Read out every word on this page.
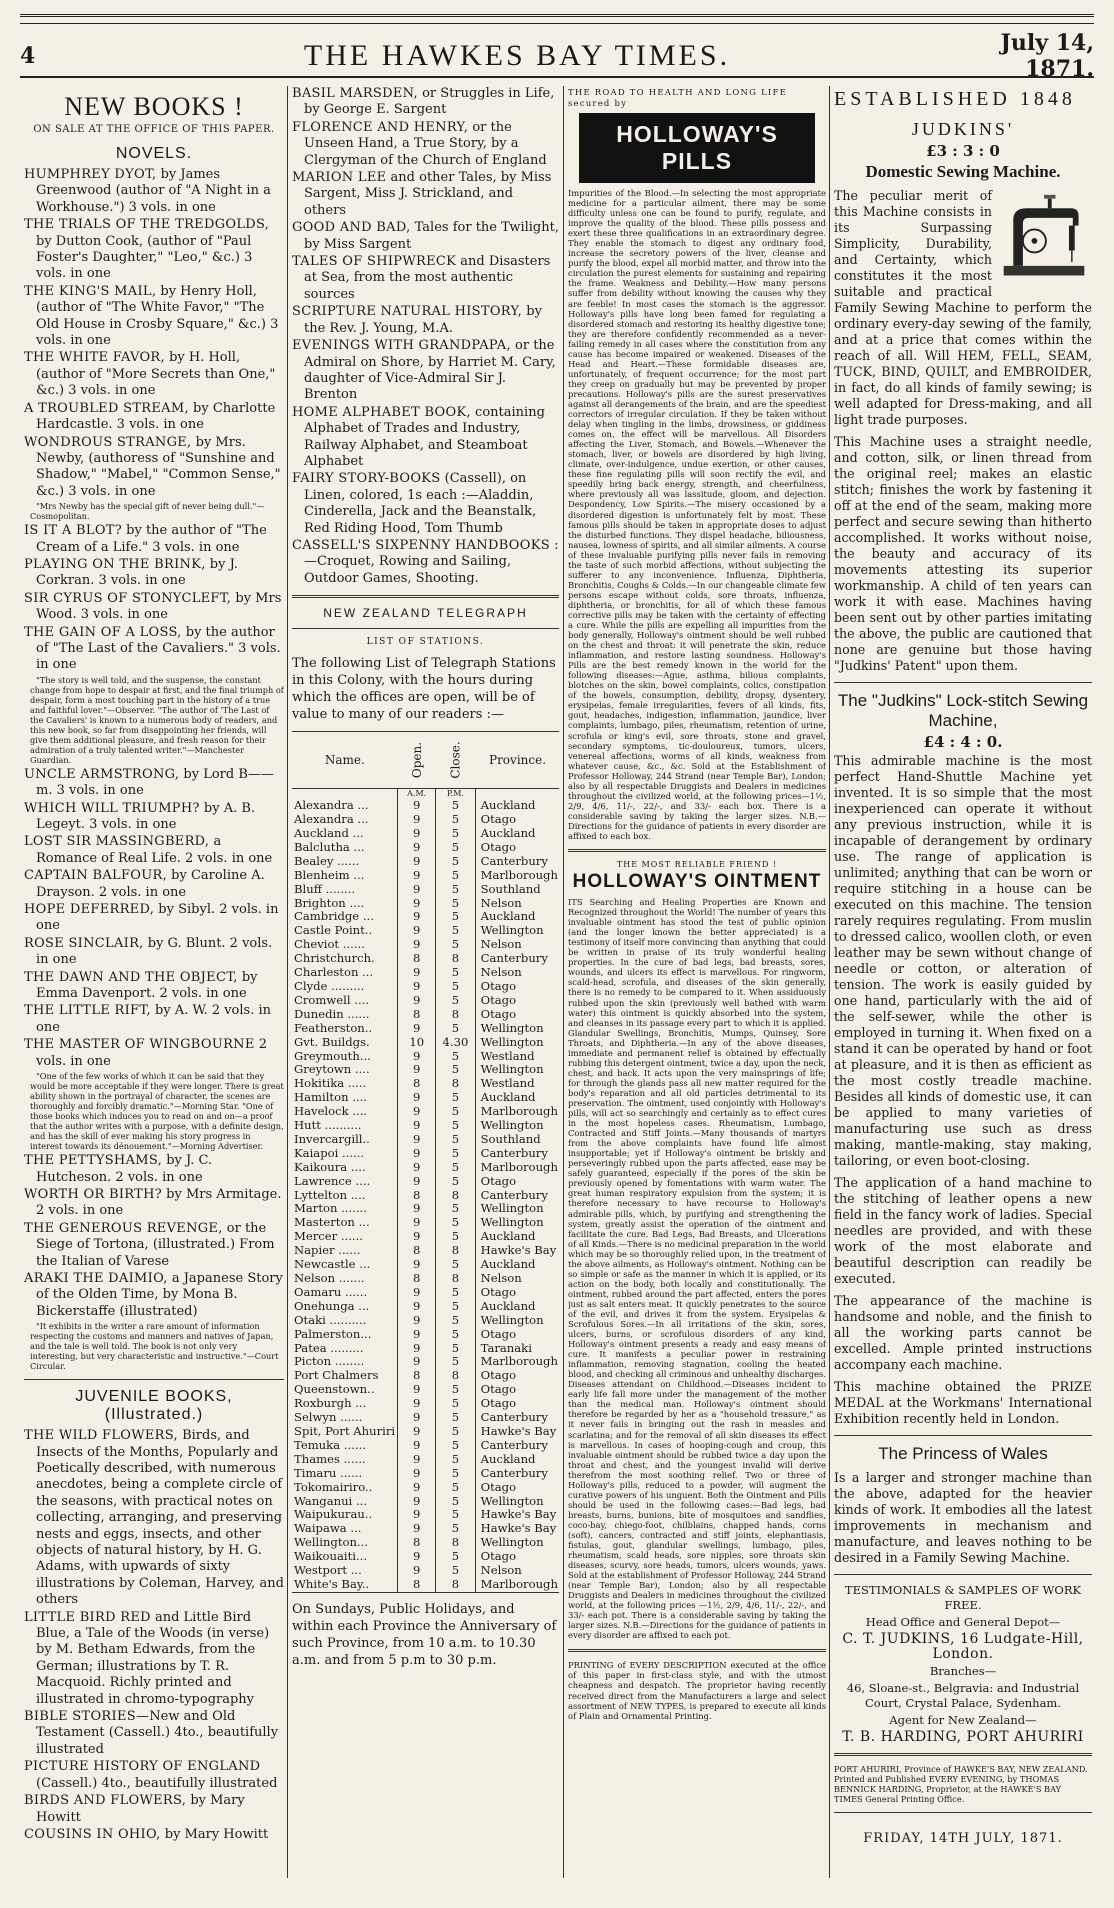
4	THE HAWKES BAY TIMES.	July 14, 1871.
NEW BOOKS !
ON SALE AT THE OFFICE OF THIS PAPER.
NOVELS.

HUMPHREY DYOT, by James Greenwood (author of "A Night in a Workhouse.") 3 vols. in one

THE TRIALS OF THE TREDGOLDS, by Dutton Cook, (author of "Paul Foster's Daughter," "Leo," &c.) 3 vols. in one

THE KING'S MAIL, by Henry Holl, (author of "The White Favor," "The Old House in Crosby Square," &c.) 3 vols. in one

THE WHITE FAVOR, by H. Holl, (author of "More Secrets than One," &c.) 3 vols. in one

A TROUBLED STREAM, by Charlotte Hardcastle. 3 vols. in one

WONDROUS STRANGE, by Mrs. Newby, (authoress of "Sunshine and Shadow," "Mabel," "Common Sense," &c.) 3 vols. in one

"Mrs Newby has the special gift of never being dull."—Cosmopolitan.

IS IT A BLOT? by the author of "The Cream of a Life." 3 vols. in one

PLAYING ON THE BRINK, by J. Corkran. 3 vols. in one

SIR CYRUS OF STONYCLEFT, by Mrs Wood. 3 vols. in one

THE GAIN OF A LOSS, by the author of "The Last of the Cavaliers." 3 vols. in one

"The story is well told, and the suspense, the constant change from hope to despair at first, and the final triumph of despair, form a most touching part in the history of a true and faithful lover."—Observer. "The author of 'The Last of the Cavaliers' is known to a numerous body of readers, and this new book, so far from disappointing her friends, will give them additional pleasure, and fresh reason for their admiration of a truly talented writer."—Manchester Guardian.

UNCLE ARMSTRONG, by Lord B——m. 3 vols. in one

WHICH WILL TRIUMPH? by A. B. Legeyt. 3 vols. in one

LOST SIR MASSINGBERD, a Romance of Real Life. 2 vols. in one

CAPTAIN BALFOUR, by Caroline A. Drayson. 2 vols. in one

HOPE DEFERRED, by Sibyl. 2 vols. in one

ROSE SINCLAIR, by G. Blunt. 2 vols. in one

THE DAWN AND THE OBJECT, by Emma Davenport. 2 vols. in one

THE LITTLE RIFT, by A. W. 2 vols. in one

THE MASTER OF WINGBOURNE 2 vols. in one

"One of the few works of which it can be said that they would be more acceptable if they were longer. There is great ability shown in the portrayal of character, the scenes are thoroughly and forcibly dramatic."—Morning Star. "One of those books which induces you to read on and on—a proof that the author writes with a purpose, with a definite design, and has the skill of ever making his story progress in interest towards its dénouement."—Morning Advertiser.

THE PETTYSHAMS, by J. C. Hutcheson. 2 vols. in one

WORTH OR BIRTH? by Mrs Armitage. 2 vols. in one

THE GENEROUS REVENGE, or the Siege of Tortona, (illustrated.) From the Italian of Varese

ARAKI THE DAIMIO, a Japanese Story of the Olden Time, by Mona B. Bickerstaffe (illustrated)

"It exhibits in the writer a rare amount of information respecting the customs and manners and natives of Japan, and the tale is well told. The book is not only very interesting, but very characteristic and instructive."—Court Circular.
JUVENILE BOOKS, (Illustrated.)

THE WILD FLOWERS, Birds, and Insects of the Months, Popularly and Poetically described, with numerous anecdotes, being a complete circle of the seasons, with practical notes on collecting, arranging, and preserving nests and eggs, insects, and other objects of natural history, by H. G. Adams, with upwards of sixty illustrations by Coleman, Harvey, and others

LITTLE BIRD RED and Little Bird Blue, a Tale of the Woods (in verse) by M. Betham Edwards, from the German; illustrations by T. R. Macquoid. Richly printed and illustrated in chromo-typography

BIBLE STORIES—New and Old Testament (Cassell.) 4to., beautifully illustrated

PICTURE HISTORY OF ENGLAND (Cassell.) 4to., beautifully illustrated

BIRDS AND FLOWERS, by Mary Howitt

COUSINS IN OHIO, by Mary Howitt

BASIL MARSDEN, or Struggles in Life, by George E. Sargent

FLORENCE AND HENRY, or the Unseen Hand, a True Story, by a Clergyman of the Church of England

MARION LEE and other Tales, by Miss Sargent, Miss J. Strickland, and others

GOOD AND BAD, Tales for the Twilight, by Miss Sargent

TALES OF SHIPWRECK and Disasters at Sea, from the most authentic sources

SCRIPTURE NATURAL HISTORY, by the Rev. J. Young, M.A.

EVENINGS WITH GRANDPAPA, or the Admiral on Shore, by Harriet M. Cary, daughter of Vice-Admiral Sir J. Brenton

HOME ALPHABET BOOK, containing Alphabet of Trades and Industry, Railway Alphabet, and Steamboat Alphabet

FAIRY STORY-BOOKS (Cassell), on Linen, colored, 1s each :—Aladdin, Cinderella, Jack and the Beanstalk, Red Riding Hood, Tom Thumb

CASSELL'S SIXPENNY HANDBOOKS :—Croquet, Rowing and Sailing, Outdoor Games, Shooting.

NEW ZEALAND TELEGRAPH
LIST OF STATIONS.
The following List of Telegraph Stations in this Colony, with the hours during which the offices are open, will be of value to many of our readers :—
Name.	Open.	Close.	Province.
	A.M.	P.M.	
Alexandra ...	9	5	Auckland
Alexandra ...	9	5	Otago
Auckland ...	9	5	Auckland
Balclutha ...	9	5	Otago
Bealey ......	9	5	Canterbury
Blenheim ...	9	5	Marlborough
Bluff ........	9	5	Southland
Brighton ....	9	5	Nelson
Cambridge ...	9	5	Auckland
Castle Point..	9	5	Wellington
Cheviot ......	9	5	Nelson
Christchurch.	8	8	Canterbury
Charleston ...	9	5	Nelson
Clyde .........	9	5	Otago
Cromwell ....	9	5	Otago
Dunedin ......	8	8	Otago
Featherston..	9	5	Wellington
Gvt. Buildgs.	10	4.30	Wellington
Greymouth...	9	5	Westland
Greytown ....	9	5	Wellington
Hokitika .....	8	8	Westland
Hamilton ....	9	5	Auckland
Havelock ....	9	5	Marlborough
Hutt ..........	9	5	Wellington
Invercargill..	9	5	Southland
Kaiapoi ......	9	5	Canterbury
Kaikoura ....	9	5	Marlborough
Lawrence ....	9	5	Otago
Lyttelton ....	8	8	Canterbury
Marton .......	9	5	Wellington
Masterton ...	9	5	Wellington
Mercer ......	9	5	Auckland
Napier ......	8	8	Hawke's Bay
Newcastle ...	9	5	Auckland
Nelson .......	8	8	Nelson
Oamaru ......	9	5	Otago
Onehunga ...	9	5	Auckland
Otaki ..........	9	5	Wellington
Palmerston...	9	5	Otago
Patea .........	9	5	Taranaki
Picton ........	9	5	Marlborough
Port Chalmers	8	8	Otago
Queenstown..	9	5	Otago
Roxburgh ...	9	5	Otago
Selwyn ......	9	5	Canterbury
Spit, Port Ahuriri	9	5	Hawke's Bay
Temuka ......	9	5	Canterbury
Thames ......	9	5	Auckland
Timaru ......	9	5	Canterbury
Tokomairiro..	9	5	Otago
Wanganui ...	9	5	Wellington
Waipukurau..	9	5	Hawke's Bay
Waipawa ...	9	5	Hawke's Bay
Wellington...	8	8	Wellington
Waikouaiti...	9	5	Otago
Westport ...	9	5	Nelson
White's Bay..	8	8	Marlborough
On Sundays, Public Holidays, and within each Province the Anniversary of such Province, from 10 a.m. to 10.30 a.m. and from 5 p.m to 30 p.m.
THE ROAD TO HEALTH AND LONG LIFE secured by
HOLLOWAY'S PILLS

Impurities of the Blood.—In selecting the most appropriate medicine for a particular ailment, there may be some difficulty unless one can be found to purify, regulate, and improve the quality of the blood. These pills possess and exert these three qualifications in an extraordinary degree. They enable the stomach to digest any ordinary food, increase the secretory powers of the liver, cleanse and purify the blood, expel all morbid matter, and throw into the circulation the purest elements for sustaining and repairing the frame. Weakness and Debility.—How many persons suffer from debility without knowing the causes why they are feeble! In most cases the stomach is the aggressor. Holloway's pills have long been famed for regulating a disordered stomach and restoring its healthy digestive tone; they are therefore confidently recommended as a never-failing remedy in all cases where the constitution from any cause has become impaired or weakened. Diseases of the Head and Heart.—These formidable diseases are, unfortunately, of frequent occurrence; for the most part they creep on gradually but may be prevented by proper precautions. Holloway's pills are the surest preservatives against all derangements of the brain, and are the speediest correctors of irregular circulation. If they be taken without delay when tingling in the limbs, drowsiness, or giddiness comes on, the effect will be marvellous. All Disorders affecting the Liver, Stomach, and Bowels.—Whenever the stomach, liver, or bowels are disordered by high living, climate, over-indulgence, undue exertion, or other causes, these fine regulating pills will soon rectify the evil, and speedily bring back energy, strength, and cheerfulness, where previously all was lassitude, gloom, and dejection. Despondency, Low Spirits.—The misery occasioned by a disordered digestion is unfortunately felt by most. These famous pills should be taken in appropriate doses to adjust the disturbed functions. They dispel headache, biliousness, nausea, lowness of spirits, and all similar ailments. A course of these invaluable purifying pills never fails in removing the taste of such morbid affections, without subjecting the sufferer to any inconvenience. Influenza, Diphtheria, Bronchitis, Coughs & Colds.—In our changeable climate few persons escape without colds, sore throats, influenza, diphtheria, or bronchitis, for all of which these famous corrective pills may be taken with the certainty of effecting a cure. While the pills are expelling all impurities from the body generally, Holloway's ointment should be well rubbed on the chest and throat: it will penetrate the skin, reduce inflammation, and restore lasting soundness. Holloway's Pills are the best remedy known in the world for the following diseases:—Ague, asthma, bilious complaints, blotches on the skin, bowel complaints, colics, constipation of the bowels, consumption, debility, dropsy, dysentery, erysipelas, female irregularities, fevers of all kinds, fits, gout, headaches, indigestion, inflammation, jaundice, liver complaints, lumbago, piles, rheumatism, retention of urine, scrofula or king's evil, sore throats, stone and gravel, secondary symptoms, tic-douloureux, tumors, ulcers, venereal affections, worms of all kinds, weakness from whatever cause, &c., &c. Sold at the Establishment of Professor Holloway, 244 Strand (near Temple Bar), London; also by all respectable Druggists and Dealers in medicines throughout the civilized world, at the following prices—1½, 2/9, 4/6, 11/-, 22/-, and 33/- each box. There is a considerable saving by taking the larger sizes. N.B.—Directions for the guidance of patients in every disorder are affixed to each box.

THE MOST RELIABLE FRIEND !
HOLLOWAY'S OINTMENT

ITS Searching and Healing Properties are Known and Recognized throughout the World! The number of years this invaluable ointment has stood the test of public opinion (and the longer known the better appreciated) is a testimony of itself more convincing than anything that could be written in praise of its truly wonderful healing properties. In the cure of bad legs, bad breasts, sores, wounds, and ulcers its effect is marvellous. For ringworm, scald-head, scrofula, and diseases of the skin generally, there is no remedy to be compared to it. When assiduously rubbed upon the skin (previously well bathed with warm water) this ointment is quickly absorbed into the system, and cleanses in its passage every part to which it is applied. Glandular Swellings, Bronchitis, Mumps, Quinsey, Sore Throats, and Diphtheria.—In any of the above diseases, immediate and permanent relief is obtained by effectually rubbing this detergent ointment, twice a day, upon the neck, chest, and back. It acts upon the very mainsprings of life; for through the glands pass all new matter required for the body's reparation and all old particles detrimental to its preservation. The ointment, used conjointly with Holloway's pills, will act so searchingly and certainly as to effect cures in the most hopeless cases. Rheumatism, Lumbago, Contracted and Stiff Joints.—Many thousands of martyrs from the above complaints have found life almost insupportable; yet if Holloway's ointment be briskly and perseveringly rubbed upon the parts affected, ease may be safely guaranteed, especially if the pores of the skin be previously opened by fomentations with warm water. The great human respiratory expulsion from the system; it is therefore necessary to have recourse to Holloway's admirable pills, which, by purifying and strengthening the system, greatly assist the operation of the ointment and facilitate the cure. Bad Legs, Bad Breasts, and Ulcerations of all Kinds.—There is no medicinal preparation in the world which may be so thoroughly relied upon, in the treatment of the above ailments, as Holloway's ointment. Nothing can be so simple or safe as the manner in which it is applied, or its action on the body, both locally and constitutionally. The ointment, rubbed around the part affected, enters the pores just as salt enters meat. It quickly penetrates to the source of the evil, and drives it from the system. Erysipelas & Scrofulous Sores.—In all irritations of the skin, sores, ulcers, burns, or scrofulous disorders of any kind, Holloway's ointment presents a ready and easy means of cure. It manifests a peculiar power in restraining inflammation, removing stagnation, cooling the heated blood, and checking all criminous and unhealthy discharges. Diseases attendant on Childhood.—Diseases incident to early life fall more under the management of the mother than the medical man. Holloway's ointment should therefore be regarded by her as a "household treasure," as it never fails in bringing out the rash in measles and scarlatina; and for the removal of all skin diseases its effect is marvellous. In cases of hooping-cough and croup, this invaluable ointment should be rubbed twice a day upon the throat and chest, and the youngest invalid will derive therefrom the most soothing relief. Two or three of Holloway's pills, reduced to a powder, will augment the curative powers of his unguent. Both the Ointment and Pills should be used in the following cases:—Bad legs, bad breasts, burns, bunions, bite of mosquitoes and sandflies, coco-bay, chiego-foot, chilblains, chapped hands, corns (soft), cancers, contracted and stiff joints, elephantiasis, fistulas, gout, glandular swellings, lumbago, piles, rheumatism, scald heads, sore nipples, sore throats skin diseases, scurvy, sore heads, tumors, ulcers wounds, yaws. Sold at the establishment of Professor Holloway, 244 Strand (near Temple Bar), London; also by all respectable Druggists and Dealers in medicines throughout the civilized world, at the following prices —1½, 2/9, 4/6, 11/-, 22/-, and 33/- each pot. There is a considerable saving by taking the larger sizes. N.B.—Directions for the guidance of patients in every disorder are affixed to each pot.

PRINTING of EVERY DESCRIPTION executed at the office of this paper in first-class style, and with the utmost cheapness and despatch. The proprietor having recently received direct from the Manufacturers a large and select assortment of NEW TYPES, is prepared to execute all kinds of Plain and Ornamental Printing.

ESTABLISHED 1848
JUDKINS'
£3 : 3 : 0
Domestic Sewing Machine.

The peculiar merit of this Machine consists in its Surpassing Simplicity, Durability, and Certainty, which constitutes it the most suitable and practical Family Sewing Machine to perform the ordinary every-day sewing of the family, and at a price that comes within the reach of all. Will HEM, FELL, SEAM, TUCK, BIND, QUILT, and EMBROIDER, in fact, do all kinds of family sewing; is well adapted for Dress-making, and all light trade purposes.

This Machine uses a straight needle, and cotton, silk, or linen thread from the original reel; makes an elastic stitch; finishes the work by fastening it off at the end of the seam, making more perfect and secure sewing than hitherto accomplished. It works without noise, the beauty and accuracy of its movements attesting its superior workmanship. A child of ten years can work it with ease. Machines having been sent out by other parties imitating the above, the public are cautioned that none are genuine but those having "Judkins' Patent" upon them.

The "Judkins" Lock-stitch Sewing Machine,
£4 : 4 : 0.

This admirable machine is the most perfect Hand-Shuttle Machine yet invented. It is so simple that the most inexperienced can operate it without any previous instruction, while it is incapable of derangement by ordinary use. The range of application is unlimited; anything that can be worn or require stitching in a house can be executed on this machine. The tension rarely requires regulating. From muslin to dressed calico, woollen cloth, or even leather may be sewn without change of needle or cotton, or alteration of tension. The work is easily guided by one hand, particularly with the aid of the self-sewer, while the other is employed in turning it. When fixed on a stand it can be operated by hand or foot at pleasure, and it is then as efficient as the most costly treadle machine. Besides all kinds of domestic use, it can be applied to many varieties of manufacturing use such as dress making, mantle-making, stay making, tailoring, or even boot-closing.

The application of a hand machine to the stitching of leather opens a new field in the fancy work of ladies. Special needles are provided, and with these work of the most elaborate and beautiful description can readily be executed.

The appearance of the machine is handsome and noble, and the finish to all the working parts cannot be excelled. Ample printed instructions accompany each machine.

This machine obtained the PRIZE MEDAL at the Workmans' International Exhibition recently held in London.

The Princess of Wales

Is a larger and stronger machine than the above, adapted for the heavier kinds of work. It embodies all the latest improvements in mechanism and manufacture, and leaves nothing to be desired in a Family Sewing Machine.

TESTIMONIALS & SAMPLES OF WORK FREE.
Head Office and General Depot—
C. T. JUDKINS, 16 Ludgate-Hill, London.
Branches—
46, Sloane-st., Belgravia: and Industrial Court, Crystal Palace, Sydenham.
Agent for New Zealand—
T. B. HARDING, PORT AHURIRI
PORT AHURIRI, Province of HAWKE'S BAY, NEW ZEALAND. Printed and Published EVERY EVENING, by THOMAS BENNICK HARDING, Proprietor, at the HAWKE'S BAY TIMES General Printing Office.
FRIDAY, 14TH JULY, 1871.
